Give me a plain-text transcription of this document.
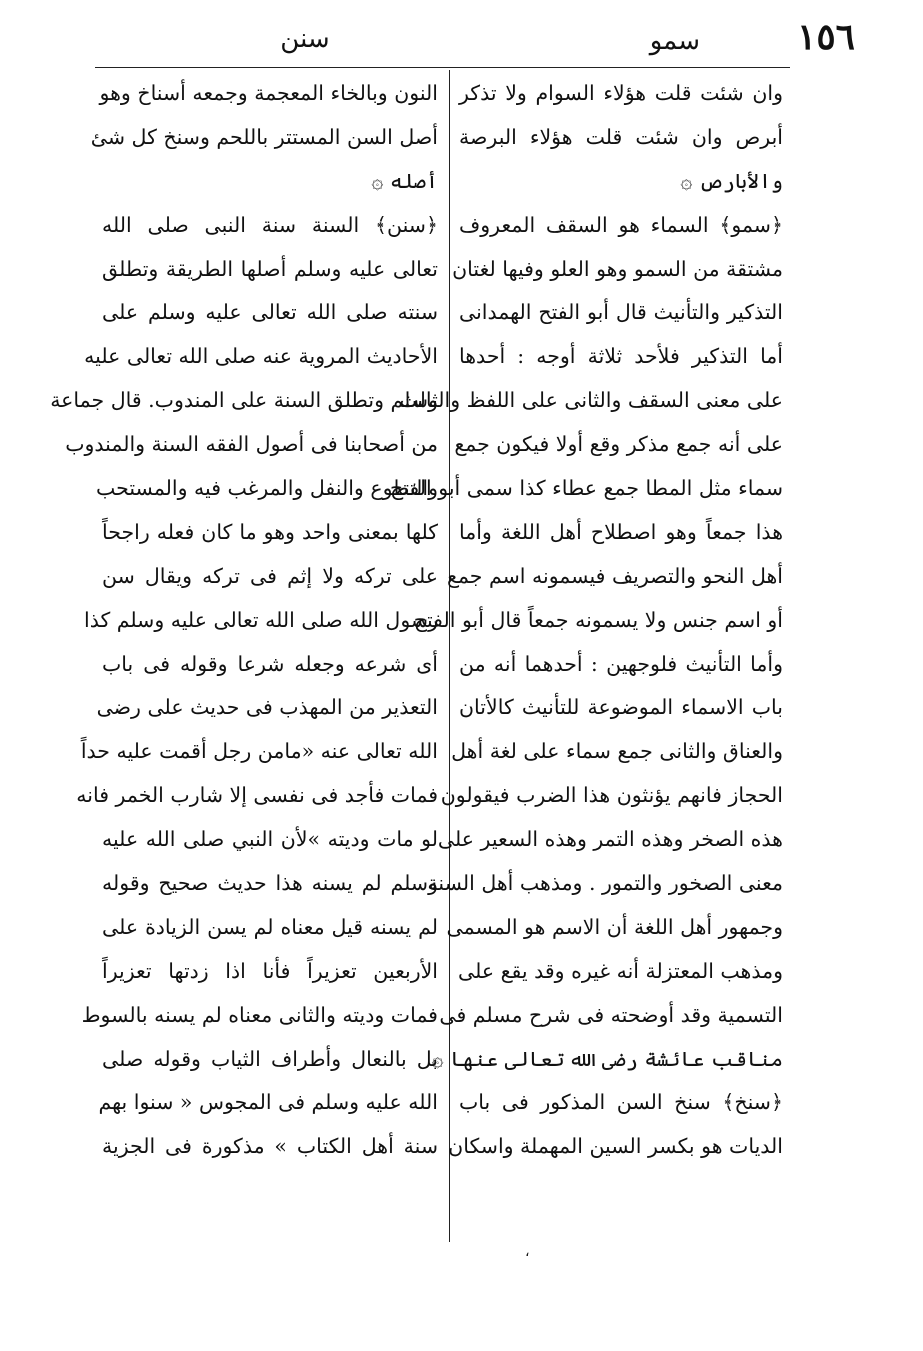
١٥٦
سمو
سنن
وان شئت قلت هؤلاء السوام ولا تذكر
أبرص وان شئت قلت هؤلاء البرصة
والأبارص ۞
﴿سمو﴾ السماء هو السقف المعروف
مشتقة من السمو وهو العلو وفيها لغتان
التذكير والتأنيث قال أبو الفتح الهمدانى
أما التذكير فلأحد ثلاثة أوجه : أحدها
على معنى السقف والثانى على اللفظ والثالث
على أنه جمع مذكر وقع أولا فيكون جمع
سماء مثل المطا جمع عطاء كذا سمى أبو الفتح
هذا جمعاً وهو اصطلاح أهل اللغة وأما
أهل النحو والتصريف فيسمونه اسم جمع
أو اسم جنس ولا يسمونه جمعاً قال أبو الفتح
وأما التأنيث فلوجهين : أحدهما أنه من
باب الاسماء الموضوعة للتأنيث كالأتان
والعناق والثانى جمع سماء على لغة أهل
الحجاز فانهم يؤنثون هذا الضرب فيقولون
هذه الصخر وهذه التمر وهذه السعير على
معنى الصخور والتمور . ومذهب أهل السنة
وجمهور أهل اللغة أن الاسم هو المسمى
ومذهب المعتزلة أنه غيره وقد يقع على
التسمية وقد أوضحته فى شرح مسلم فى
مناقب عائشة رضى الله تعالى عنها ۞
﴿سنخ﴾ سنخ السن المذكور فى باب
الديات هو بكسر السين المهملة واسكان
النون وبالخاء المعجمة وجمعه أسناخ وهو
أصل السن المستتر باللحم وسنخ كل شئ
أصله ۞
﴿سنن﴾ السنة سنة النبى صلى الله
تعالى عليه وسلم أصلها الطريقة وتطلق
سنته صلى الله تعالى عليه وسلم على
الأحاديث المروية عنه صلى الله تعالى عليه
وسلم وتطلق السنة على المندوب. قال جماعة
من أصحابنا فى أصول الفقه السنة والمندوب
والتطوع والنفل والمرغب فيه والمستحب
كلها بمعنى واحد وهو ما كان فعله راجحاً
على تركه ولا إثم فى تركه ويقال سن
رسول الله صلى الله تعالى عليه وسلم كذا
أى شرعه وجعله شرعا وقوله فى باب
التعذير من المهذب فى حديث على رضى
الله تعالى عنه «مامن رجل أقمت عليه حداً
فمات فأجد فى نفسى إلا شارب الخمر فانه
لو مات وديته »لأن النبي صلى الله عليه
وسلم لم يسنه هذا حديث صحيح وقوله
لم يسنه قيل معناه لم يسن الزيادة على
الأربعين تعزيراً فأنا اذا زدتها تعزيراً
فمات وديته والثانى معناه لم يسنه بالسوط
بل بالنعال وأطراف الثياب وقوله صلى
الله عليه وسلم فى المجوس « سنوا بهم
سنة أهل الكتاب » مذكورة فى الجزية
،
